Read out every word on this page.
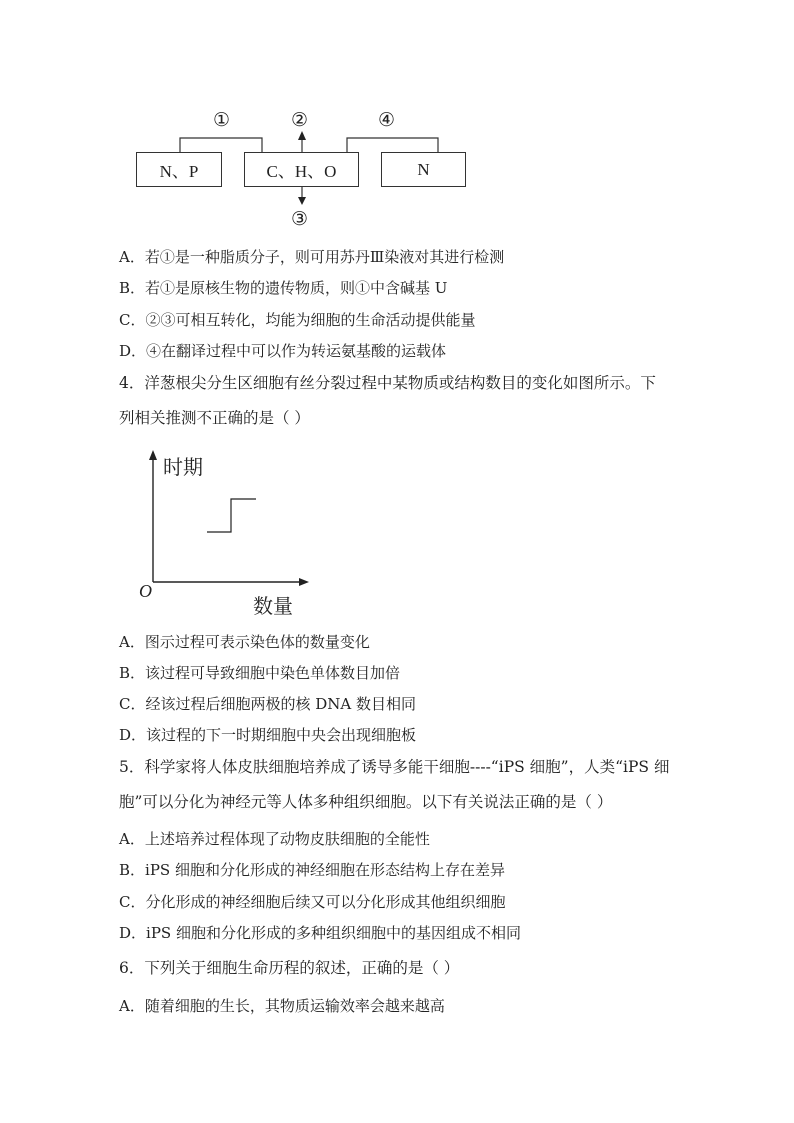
①	②	④
③
N、P	C、H、O	N
A．若①是一种脂质分子，则可用苏丹Ⅲ染液对其进行检测
B．若①是原核生物的遗传物质，则①中含碱基 U
C．②③可相互转化，均能为细胞的生命活动提供能量
D．④在翻译过程中可以作为转运氨基酸的运载体
4．洋葱根尖分生区细胞有丝分裂过程中某物质或结构数目的变化如图所示。下
列相关推测不正确的是（ ）
时期
数量
O
A．图示过程可表示染色体的数量变化
B．该过程可导致细胞中染色单体数目加倍
C．经该过程后细胞两极的核 DNA 数目相同
D．该过程的下一时期细胞中央会出现细胞板
5．科学家将人体皮肤细胞培养成了诱导多能干细胞----“iPS 细胞”，人类“iPS 细
胞”可以分化为神经元等人体多种组织细胞。以下有关说法正确的是（ ）
A．上述培养过程体现了动物皮肤细胞的全能性
B．iPS 细胞和分化形成的神经细胞在形态结构上存在差异
C．分化形成的神经细胞后续又可以分化形成其他组织细胞
D．iPS 细胞和分化形成的多种组织细胞中的基因组成不相同
6．下列关于细胞生命历程的叙述，正确的是（ ）
A．随着细胞的生长，其物质运输效率会越来越高
